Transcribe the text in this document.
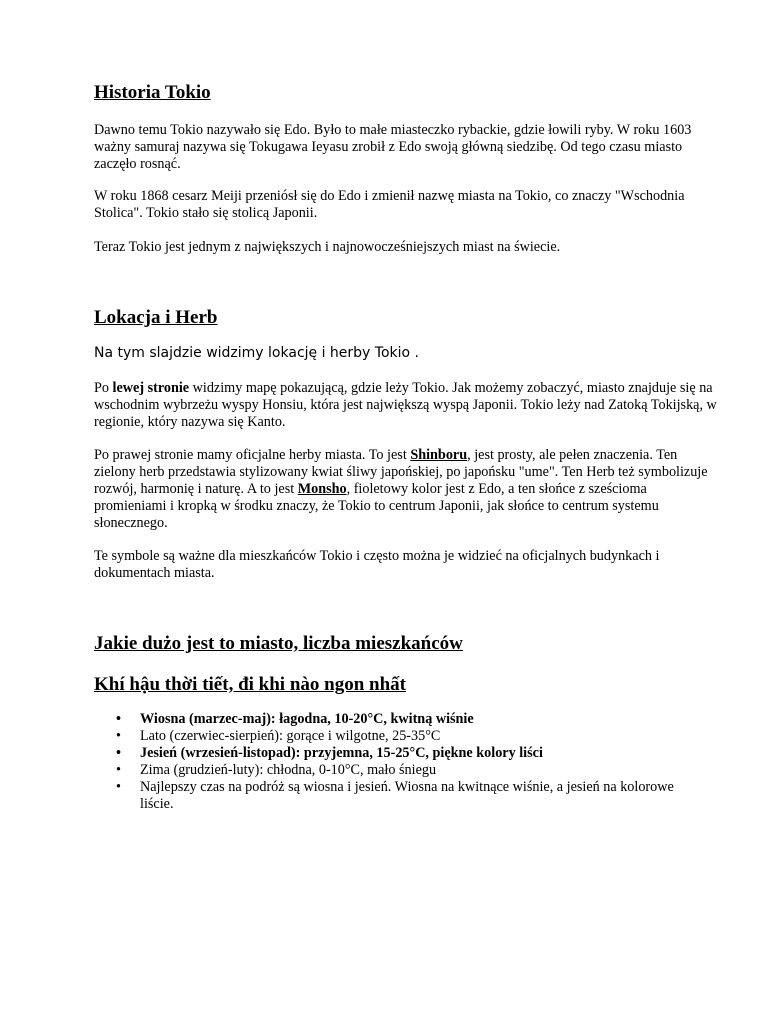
Historia Tokio

Dawno temu Tokio nazywało się Edo. Było to małe miasteczko rybackie, gdzie łowili ryby. W roku 1603 ważny samuraj nazywa się Tokugawa Ieyasu zrobił z Edo swoją główną siedzibę. Od tego czasu miasto zaczęło rosnąć.

W roku 1868 cesarz Meiji przeniósł się do Edo i zmienił nazwę miasta na Tokio, co znaczy "Wschodnia Stolica". Tokio stało się stolicą Japonii.

Teraz Tokio jest jednym z największych i najnowocześniejszych miast na świecie.

Lokacja i Herb

Na tym slajdzie widzimy lokację i herby Tokio .

Po lewej stronie widzimy mapę pokazującą, gdzie leży Tokio. Jak możemy zobaczyć, miasto znajduje się na wschodnim wybrzeżu wyspy Honsiu, która jest największą wyspą Japonii. Tokio leży nad Zatoką Tokijską, w regionie, który nazywa się Kanto.

Po prawej stronie mamy oficjalne herby miasta. To jest Shinboru, jest prosty, ale pełen znaczenia. Ten zielony herb przedstawia stylizowany kwiat śliwy japońskiej, po japońsku "ume". Ten Herb też symbolizuje rozwój, harmonię i naturę. A to jest Monsho, fioletowy kolor jest z Edo, a ten słońce z sześcioma promieniami i kropką w środku znaczy, że Tokio to centrum Japonii, jak słońce to centrum systemu słonecznego.

Te symbole są ważne dla mieszkańców Tokio i często można je widzieć na oficjalnych budynkach i dokumentach miasta.

Jakie dużo jest to miasto, liczba mieszkańców
Khí hậu thời tiết, đi khi nào ngon nhất
• Wiosna (marzec-maj): łagodna, 10-20°C, kwitną wiśnie
• Lato (czerwiec-sierpień): gorące i wilgotne, 25-35°C
• Jesień (wrzesień-listopad): przyjemna, 15-25°C, piękne kolory liści
• Zima (grudzień-luty): chłodna, 0-10°C, mało śniegu
• Najlepszy czas na podróż są wiosna i jesień. Wiosna na kwitnące wiśnie, a jesień na kolorowe liście.
